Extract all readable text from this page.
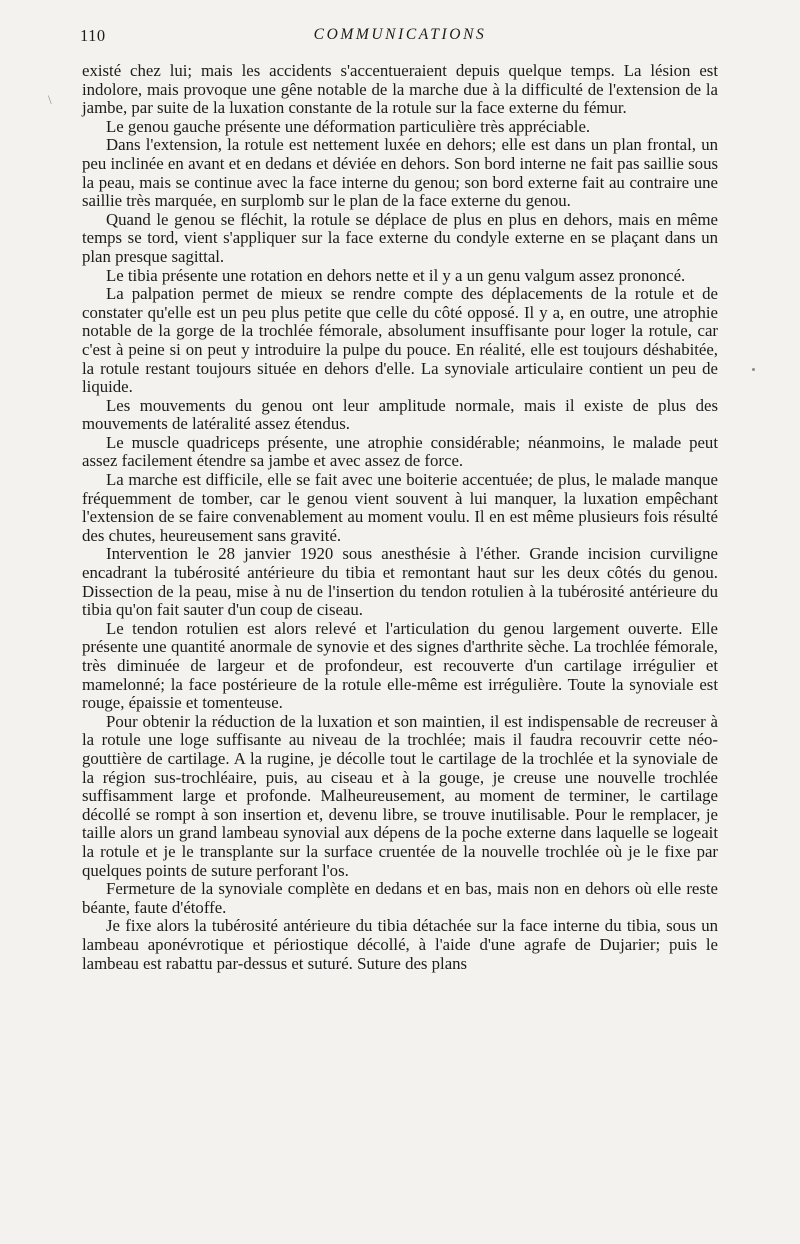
110	COMMUNICATIONS
\

existé chez lui; mais les accidents s'accentueraient depuis quelque temps. La lésion est indolore, mais provoque une gêne notable de la marche due à la difficulté de l'extension de la jambe, par suite de la luxation constante de la rotule sur la face externe du fémur.

Le genou gauche présente une déformation particulière très appréciable.

Dans l'extension, la rotule est nettement luxée en dehors; elle est dans un plan frontal, un peu inclinée en avant et en dedans et déviée en dehors. Son bord interne ne fait pas saillie sous la peau, mais se continue avec la face interne du genou; son bord externe fait au contraire une saillie très marquée, en surplomb sur le plan de la face externe du genou.

Quand le genou se fléchit, la rotule se déplace de plus en plus en dehors, mais en même temps se tord, vient s'appliquer sur la face externe du condyle externe en se plaçant dans un plan presque sagittal.

Le tibia présente une rotation en dehors nette et il y a un genu valgum assez prononcé.

La palpation permet de mieux se rendre compte des déplacements de la rotule et de constater qu'elle est un peu plus petite que celle du côté opposé. Il y a, en outre, une atrophie notable de la gorge de la trochlée fémorale, absolument insuffisante pour loger la rotule, car c'est à peine si on peut y introduire la pulpe du pouce. En réalité, elle est toujours déshabitée, la rotule restant toujours située en dehors d'elle. La synoviale articulaire contient un peu de liquide.

Les mouvements du genou ont leur amplitude normale, mais il existe de plus des mouvements de latéralité assez étendus.

Le muscle quadriceps présente, une atrophie considérable; néanmoins, le malade peut assez facilement étendre sa jambe et avec assez de force.

La marche est difficile, elle se fait avec une boiterie accentuée; de plus, le malade manque fréquemment de tomber, car le genou vient souvent à lui manquer, la luxation empêchant l'extension de se faire convenablement au moment voulu. Il en est même plusieurs fois résulté des chutes, heureusement sans gravité.

Intervention le 28 janvier 1920 sous anesthésie à l'éther. Grande incision curviligne encadrant la tubérosité antérieure du tibia et remontant haut sur les deux côtés du genou. Dissection de la peau, mise à nu de l'insertion du tendon rotulien à la tubérosité antérieure du tibia qu'on fait sauter d'un coup de ciseau.

Le tendon rotulien est alors relevé et l'articulation du genou largement ouverte. Elle présente une quantité anormale de synovie et des signes d'arthrite sèche. La trochlée fémorale, très diminuée de largeur et de profondeur, est recouverte d'un cartilage irrégulier et mamelonné; la face postérieure de la rotule elle-même est irrégulière. Toute la synoviale est rouge, épaissie et tomenteuse.

Pour obtenir la réduction de la luxation et son maintien, il est indispensable de recreuser à la rotule une loge suffisante au niveau de la trochlée; mais il faudra recouvrir cette néo-gouttière de cartilage. A la rugine, je décolle tout le cartilage de la trochlée et la synoviale de la région sus-trochléaire, puis, au ciseau et à la gouge, je creuse une nouvelle trochlée suffisamment large et profonde. Malheureusement, au moment de terminer, le cartilage décollé se rompt à son insertion et, devenu libre, se trouve inutilisable. Pour le remplacer, je taille alors un grand lambeau synovial aux dépens de la poche externe dans laquelle se logeait la rotule et je le transplante sur la surface cruentée de la nouvelle trochlée où je le fixe par quelques points de suture perforant l'os.

Fermeture de la synoviale complète en dedans et en bas, mais non en dehors où elle reste béante, faute d'étoffe.

Je fixe alors la tubérosité antérieure du tibia détachée sur la face interne du tibia, sous un lambeau aponévrotique et périostique décollé, à l'aide d'une agrafe de Dujarier; puis le lambeau est rabattu par-dessus et suturé. Suture des plans
